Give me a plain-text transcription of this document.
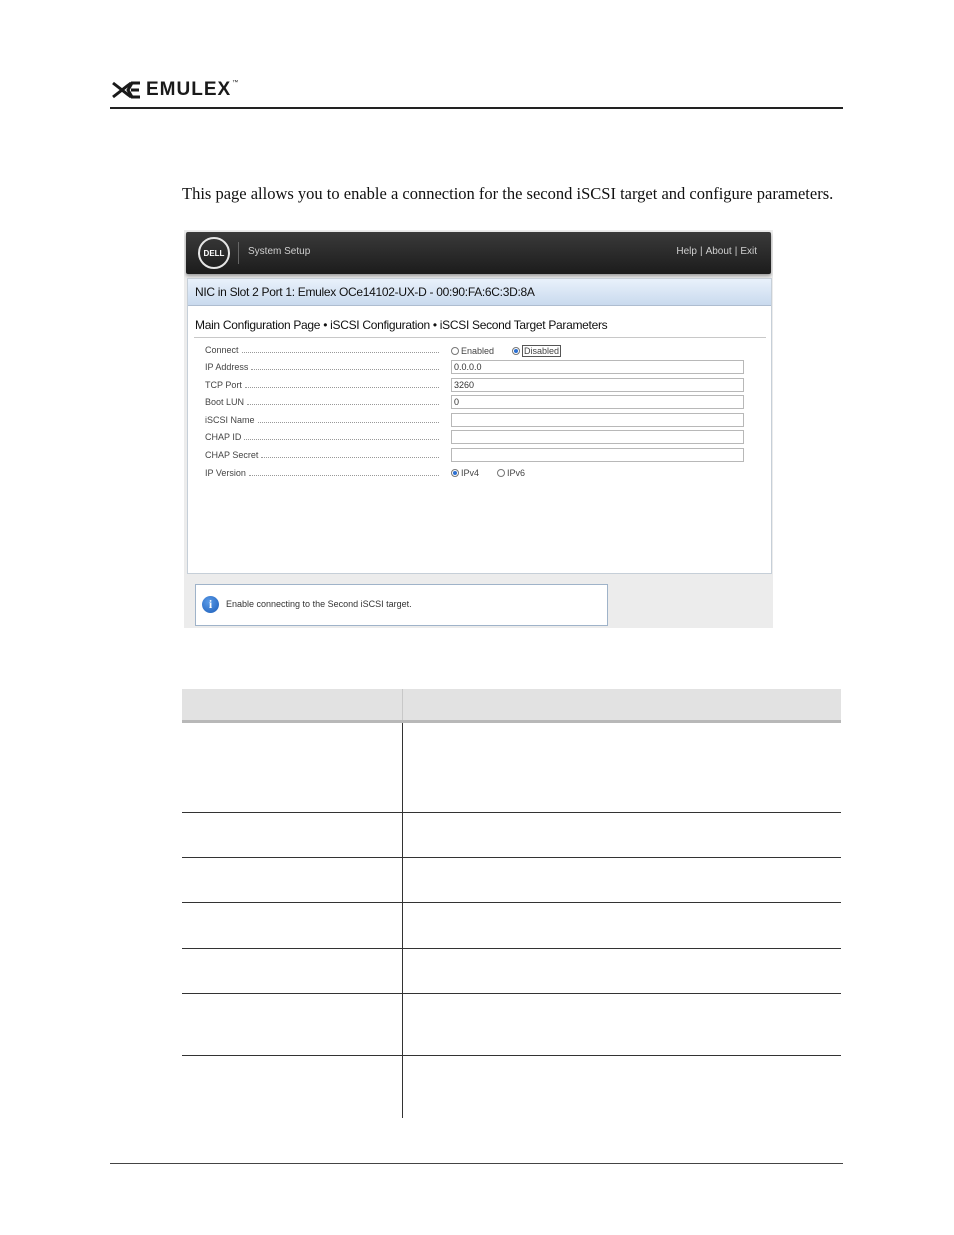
EMULEX ™
This page allows you to enable a connection for the second iSCSI target and configure parameters.
DELL	System Setup	Help | About | Exit
NIC in Slot 2 Port 1: Emulex OCe14102-UX-D - 00:90:FA:6C:3D:8A
Main Configuration Page • iSCSI Configuration • iSCSI Second Target Parameters
Connect	Enabled	Disabled
IP Address	0.0.0.0
TCP Port	3260
Boot LUN	0
iSCSI Name
CHAP ID
CHAP Secret
IP Version	IPv4	IPv6
i	Enable connecting to the Second iSCSI target.
